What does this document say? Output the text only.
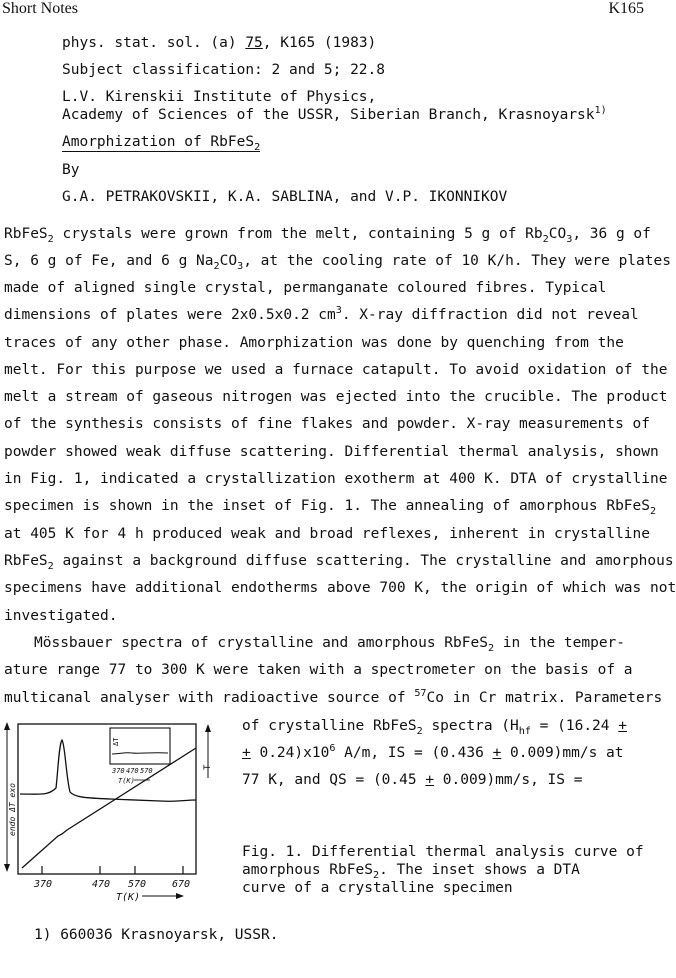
Short Notes	K165
phys. stat. sol. (a) 75, K165 (1983)
Subject classification: 2 and 5; 22.8
L.V. Kirenskii Institute of Physics,
Academy of Sciences of the USSR, Siberian Branch, Krasnoyarsk$^{1)}$
Amorphization of RbFeS$_2$
By
G.A. PETRAKOVSKII, K.A. SABLINA, and V.P. IKONNIKOV
RbFeS$_2$ crystals were grown from the melt, containing 5 g of $Rb_2CO_3$, 36 g of
S, 6 g of Fe, and 6 g $Na_2CO_3$, at the cooling rate of 10 K/h. They were plates
made of aligned single crystal, permanganate coloured fibres. Typical
dimensions of plates were 2x0.5x0.2 $cm^3$. X-ray diffraction did not reveal
traces of any other phase. Amorphization was done by quenching from the
melt. For this purpose we used a furnace catapult. To avoid oxidation of the
melt a stream of gaseous nitrogen was ejected into the crucible. The product
of the synthesis consists of fine flakes and powder. X-ray measurements of
powder showed weak diffuse scattering. Differential thermal analysis, shown
in Fig. 1, indicated a crystallization exotherm at 400 K. DTA of crystalline
specimen is shown in the inset of Fig. 1. The annealing of amorphous RbFeS$_2$
at 405 K for 4 h produced weak and broad reflexes, inherent in crystalline
RbFeS$_2$ against a background diffuse scattering. The crystalline and amorphous
specimens have additional endotherms above 700 K, the origin of which was not
investigated.
Mössbauer spectra of crystalline and amorphous RbFeS$_2$ in the temper-
ature range 77 to 300 K were taken with a spectrometer on the basis of a
multicanal analyser with radioactive source of $^{57}$Co in Cr matrix. Parameters
of crystalline RbFeS$_2$ spectra ($H_{hf} = (16.24$ +
+ $0.24)x10^6$ A/m, IS = (0.436 + 0.009)mm/s at
77 K, and QS = (0.45 + 0.009)mm/s, IS =
T
ΔT
370 470 570
T(K)
370	470 570	670
T(K)
endo ΔT exo
Fig. 1. Differential thermal analysis curve of
amorphous RbFeS$_2$. The inset shows a DTA
curve of a crystalline specimen
1) 660036 Krasnoyarsk, USSR.
